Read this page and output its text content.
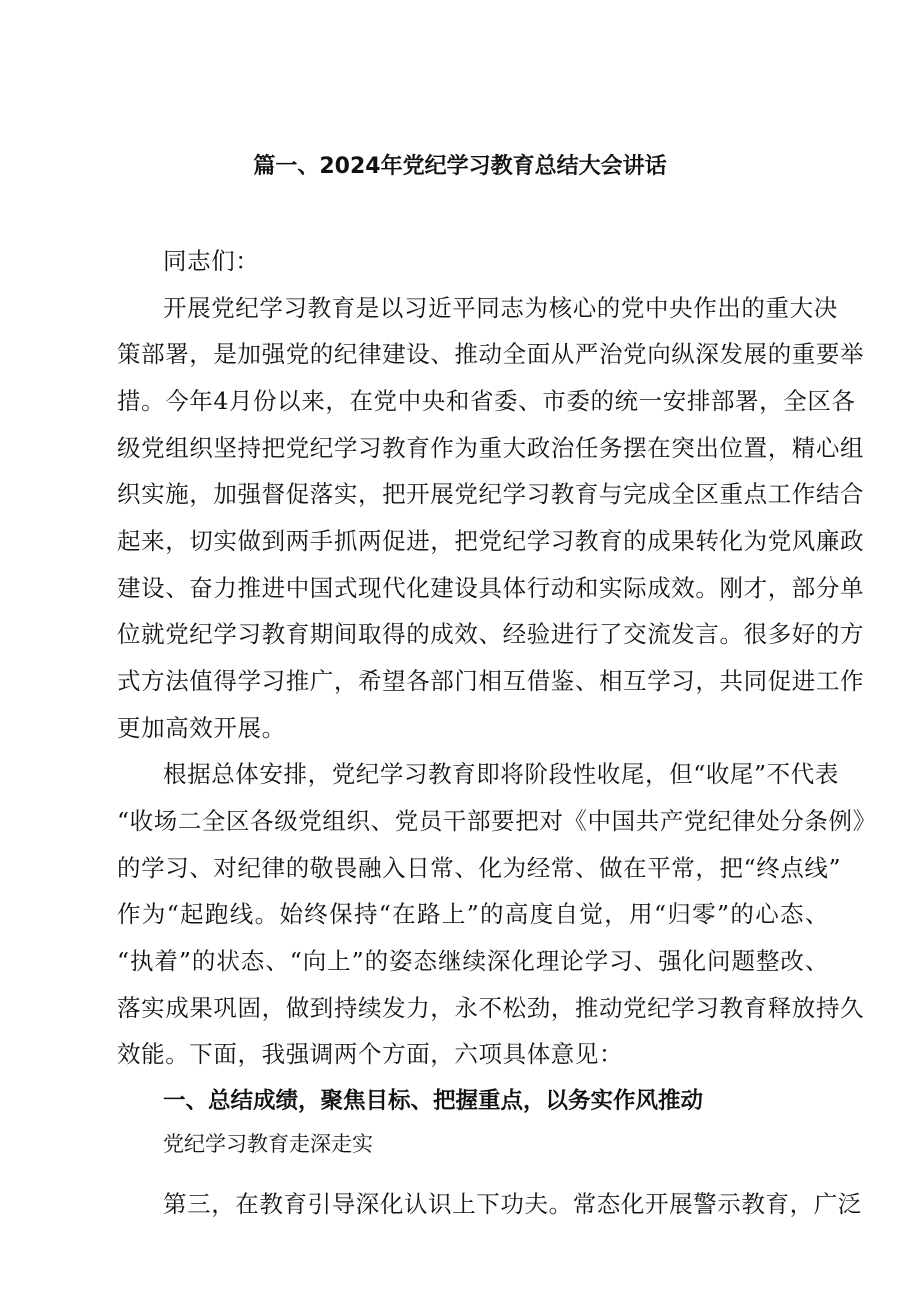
篇一、2024年党纪学习教育总结大会讲话
同志们：
开展党纪学习教育是以习近平同志为核心的党中央作出的重大决
策部署，是加强党的纪律建设、推动全面从严治党向纵深发展的重要举
措。今年4月份以来，在党中央和省委、市委的统一安排部署，全区各
级党组织坚持把党纪学习教育作为重大政治任务摆在突出位置，精心组
织实施，加强督促落实，把开展党纪学习教育与完成全区重点工作结合
起来，切实做到两手抓两促进，把党纪学习教育的成果转化为党风廉政
建设、奋力推进中国式现代化建设具体行动和实际成效。刚才，部分单
位就党纪学习教育期间取得的成效、经验进行了交流发言。很多好的方
式方法值得学习推广，希望各部门相互借鉴、相互学习，共同促进工作
更加高效开展。
根据总体安排，党纪学习教育即将阶段性收尾，但“收尾”不代表
“收场二全区各级党组织、党员干部要把对《中国共产党纪律处分条例》
的学习、对纪律的敬畏融入日常、化为经常、做在平常，把“终点线”
作为“起跑线。始终保持“在路上”的高度自觉，用“归零”的心态、
“执着”的状态、“向上”的姿态继续深化理论学习、强化问题整改、
落实成果巩固，做到持续发力，永不松劲，推动党纪学习教育释放持久
效能。下面，我强调两个方面，六项具体意见：
一、总结成绩，聚焦目标、把握重点，以务实作风推动
党纪学习教育走深走实
第三，在教育引导深化认识上下功夫。常态化开展警示教育，广泛
